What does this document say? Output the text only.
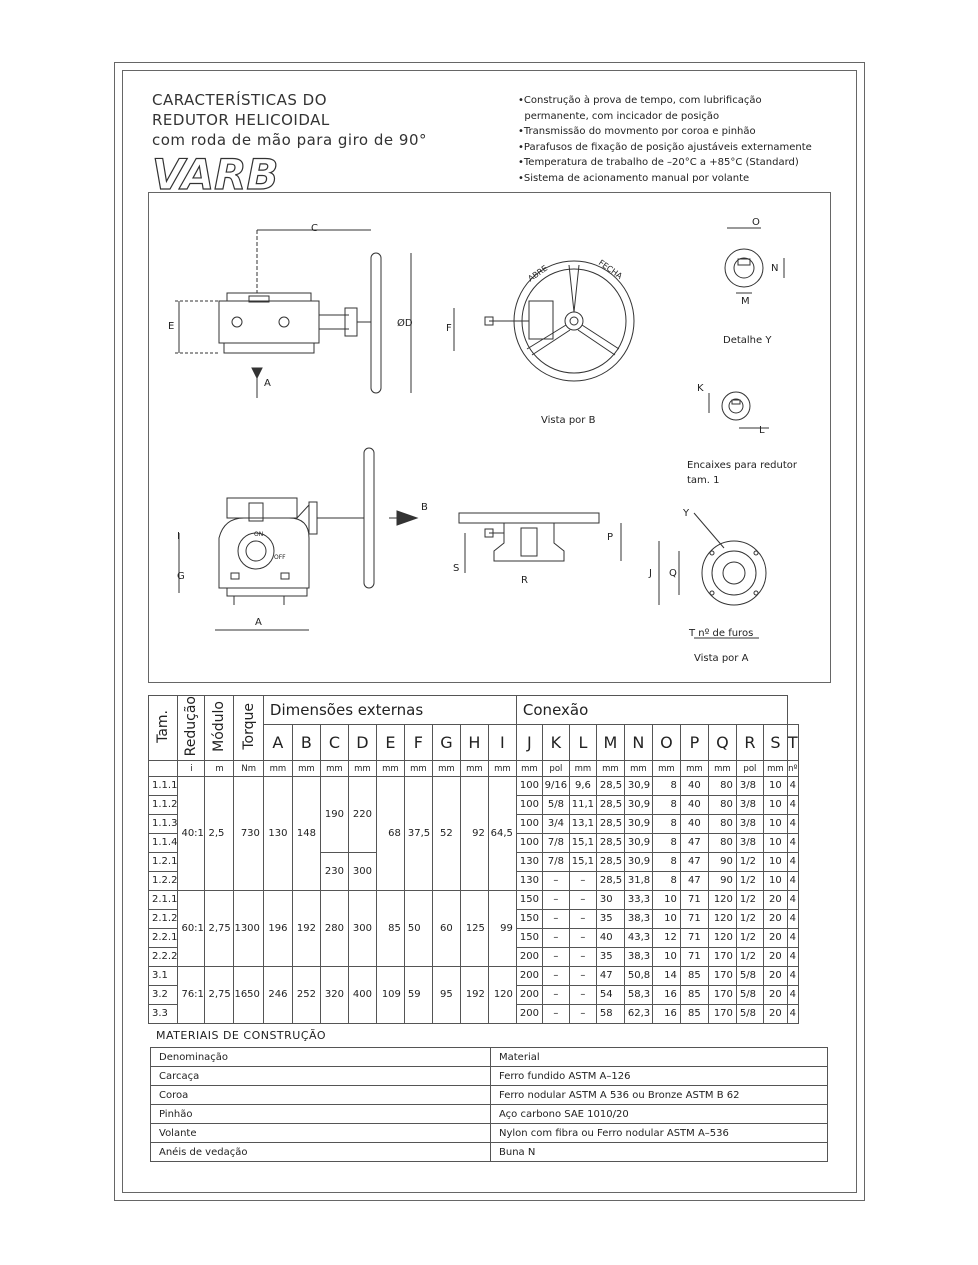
CARACTERÍSTICAS DO
REDUTOR HELICOIDAL
com roda de mão para giro de 90°
VARB
•Construção à prova de tempo, com lubrificação
permanente, com incicador de posição
•Transmissão do movmento por coroa e pinhão
•Parafusos de fixação de posição ajustáveis externamente
•Temperatura de trabalho de –20°C a +85°C (Standard)
•Sistema de acionamento manual por volante
C
E	ØD
A
F
ABRE	FECHA
Vista por B
O
N
M
Detalhe Y
K
L
Encaixes para redutor
tam. 1
B
I
G
A
ON
OFF
P
S
R
Y
J Q
T nº de furos
Vista por A
Tam.	Redução	Módulo	Torque	Dimensões externas									Conexão										
				A	B	C	D	E	F	G	H	I	J	K	L	M	N	O	P	Q	R	S	T
	i	m	Nm	mm	mm	mm	mm	mm	mm	mm	mm	mm	mm	pol	mm	mm	mm	mm	mm	mm	pol	mm	nº
1.1.1	40:1	2,5	730	130	148	190	220	68	37,5	52	92	64,5	100	9/16	9,6	28,5	30,9	8	40	80	3/8	10	4
1.1.2													100	5/8	11,1	28,5	30,9	8	40	80	3/8	10	4
1.1.3													100	3/4	13,1	28,5	30,9	8	40	80	3/8	10	4
1.1.4													100	7/8	15,1	28,5	30,9	8	47	80	3/8	10	4
1.2.1						230	300						130	7/8	15,1	28,5	30,9	8	47	90	1/2	10	4
1.2.2													130	–	–	28,5	31,8	8	47	90	1/2	10	4
2.1.1	60:1	2,75	1300	196	192	280	300	85	50	60	125	99	150	–	–	30	33,3	10	71	120	1/2	20	4
2.1.2													150	–	–	35	38,3	10	71	120	1/2	20	4
2.2.1													150	–	–	40	43,3	12	71	120	1/2	20	4
2.2.2													200	–	–	35	38,3	10	71	170	1/2	20	4
3.1	76:1	2,75	1650	246	252	320	400	109	59	95	192	120	200	–	–	47	50,8	14	85	170	5/8	20	4
3.2													200	–	–	54	58,3	16	85	170	5/8	20	4
3.3													200	–	–	58	62,3	16	85	170	5/8	20	4
MATERIAIS DE CONSTRUÇÃO
Denominação	Material
Carcaça	Ferro fundido ASTM A–126
Coroa	Ferro nodular ASTM A 536 ou Bronze ASTM B 62
Pinhão	Aço carbono SAE 1010/20
Volante	Nylon com fibra ou Ferro nodular ASTM A–536
Anéis de vedação	Buna N
